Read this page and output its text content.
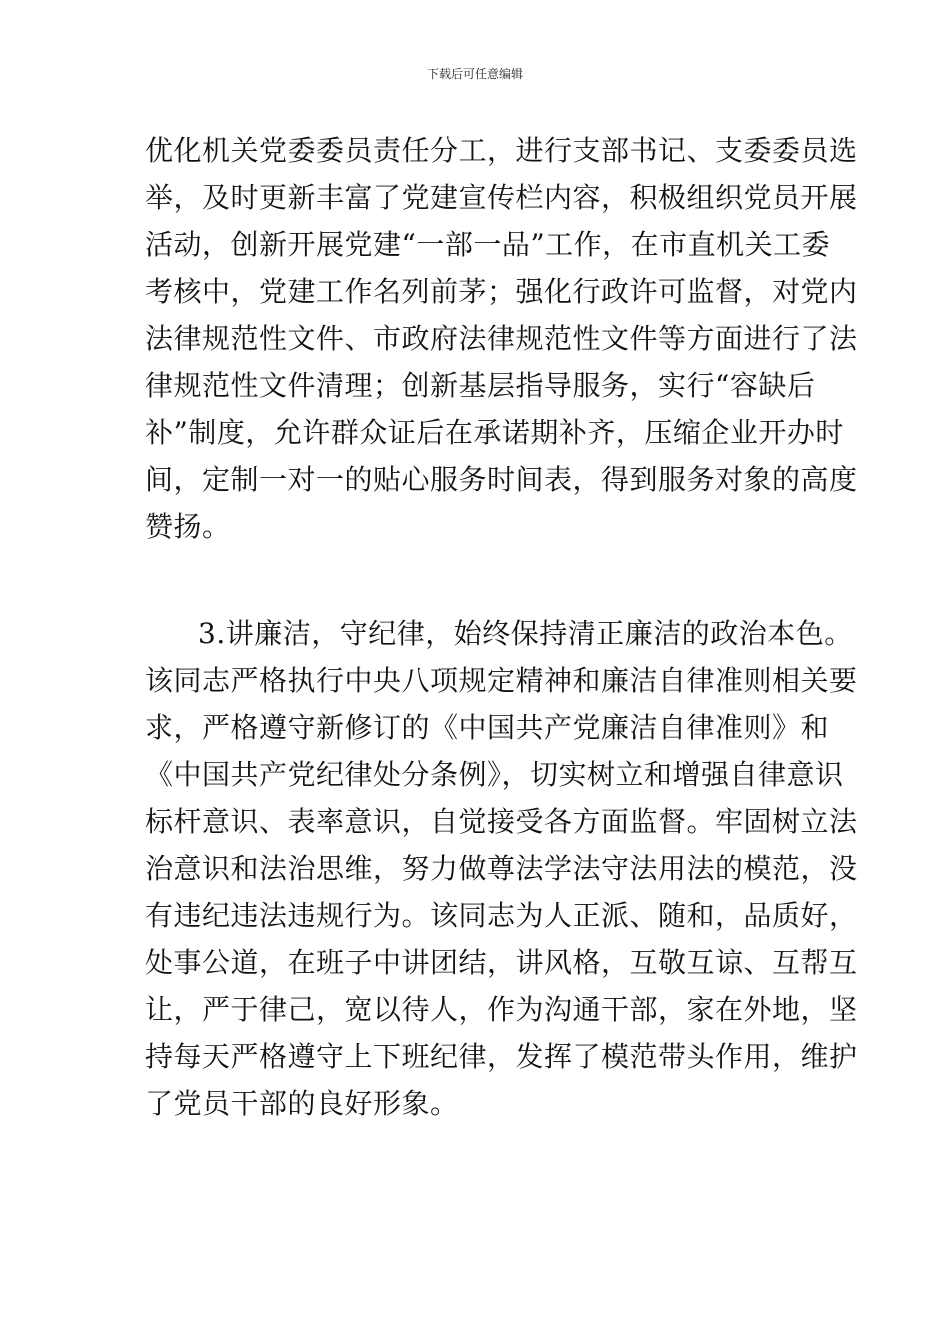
下载后可任意编辑
优化机关党委委员责任分工，进行支部书记、支委委员选
举，及时更新丰富了党建宣传栏内容，积极组织党员开展
活动，创新开展党建“一部一品”工作，在市直机关工委
考核中，党建工作名列前茅；强化行政许可监督，对党内
法律规范性文件、市政府法律规范性文件等方面进行了法
律规范性文件清理；创新基层指导服务，实行“容缺后
补”制度，允许群众证后在承诺期补齐，压缩企业开办时
间，定制一对一的贴心服务时间表，得到服务对象的高度
赞扬。
3.讲廉洁，守纪律，始终保持清正廉洁的政治本色。
该同志严格执行中央八项规定精神和廉洁自律准则相关要
求，严格遵守新修订的《中国共产党廉洁自律准则》和
《中国共产党纪律处分条例》，切实树立和增强自律意识
标杆意识、表率意识，自觉接受各方面监督。牢固树立法
治意识和法治思维，努力做尊法学法守法用法的模范，没
有违纪违法违规行为。该同志为人正派、随和，品质好，
处事公道，在班子中讲团结，讲风格，互敬互谅、互帮互
让，严于律己，宽以待人，作为沟通干部，家在外地，坚
持每天严格遵守上下班纪律，发挥了模范带头作用，维护
了党员干部的良好形象。
